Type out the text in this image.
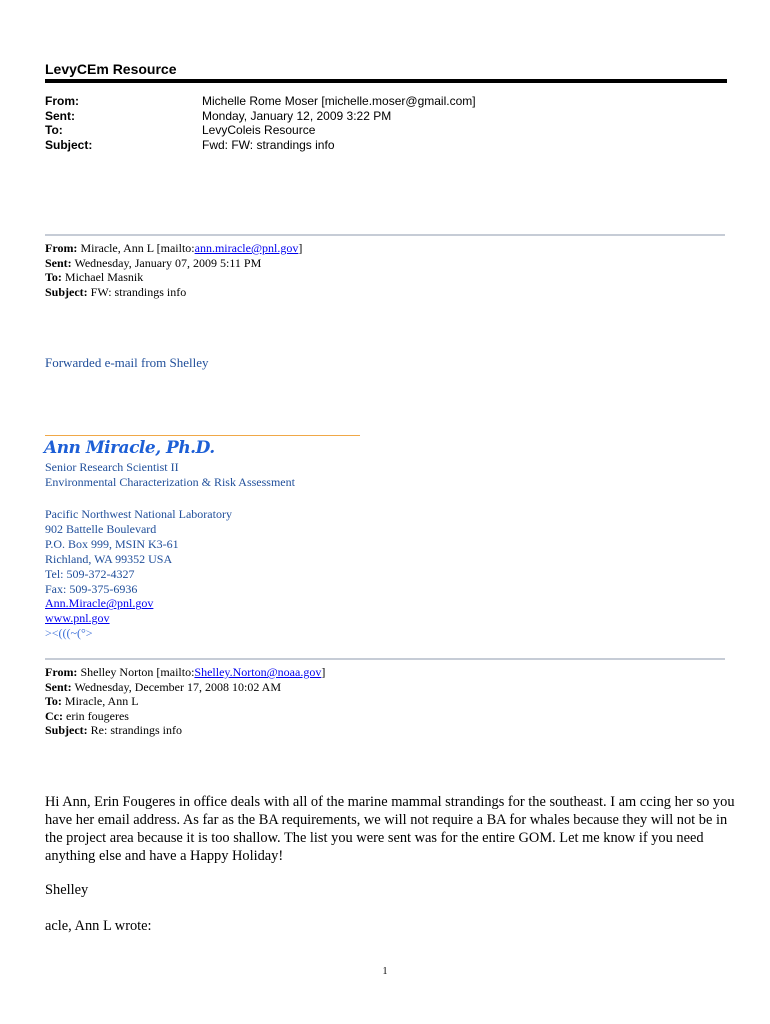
LevyCEm Resource
From:	Michelle Rome Moser [michelle.moser@gmail.com]
Sent:	Monday, January 12, 2009 3:22 PM
To:	LevyColeis Resource
Subject:	Fwd: FW: strandings info
From: Miracle, Ann L [mailto:ann.miracle@pnl.gov]
Sent: Wednesday, January 07, 2009 5:11 PM
To: Michael Masnik
Subject: FW: strandings info
Forwarded e-mail from Shelley
Ann Miracle, Ph.D.
Senior Research Scientist II
Environmental Characterization & Risk Assessment
Pacific Northwest National Laboratory
902 Battelle Boulevard
P.O. Box 999, MSIN K3-61
Richland, WA 99352 USA
Tel: 509-372-4327
Fax: 509-375-6936
Ann.Miracle@pnl.gov
www.pnl.gov
><(((~(°>
From: Shelley Norton [mailto:Shelley.Norton@noaa.gov]
Sent: Wednesday, December 17, 2008 10:02 AM
To: Miracle, Ann L
Cc: erin fougeres
Subject: Re: strandings info
Hi Ann, Erin Fougeres in office deals with all of the marine mammal strandings for the southeast. I am ccing her so you have her email address. As far as the BA requirements, we will not require a BA for whales because they will not be in the project area because it is too shallow. The list you were sent was for the entire GOM. Let me know if you need anything else and have a Happy Holiday!
Shelley
acle, Ann L wrote:
1
